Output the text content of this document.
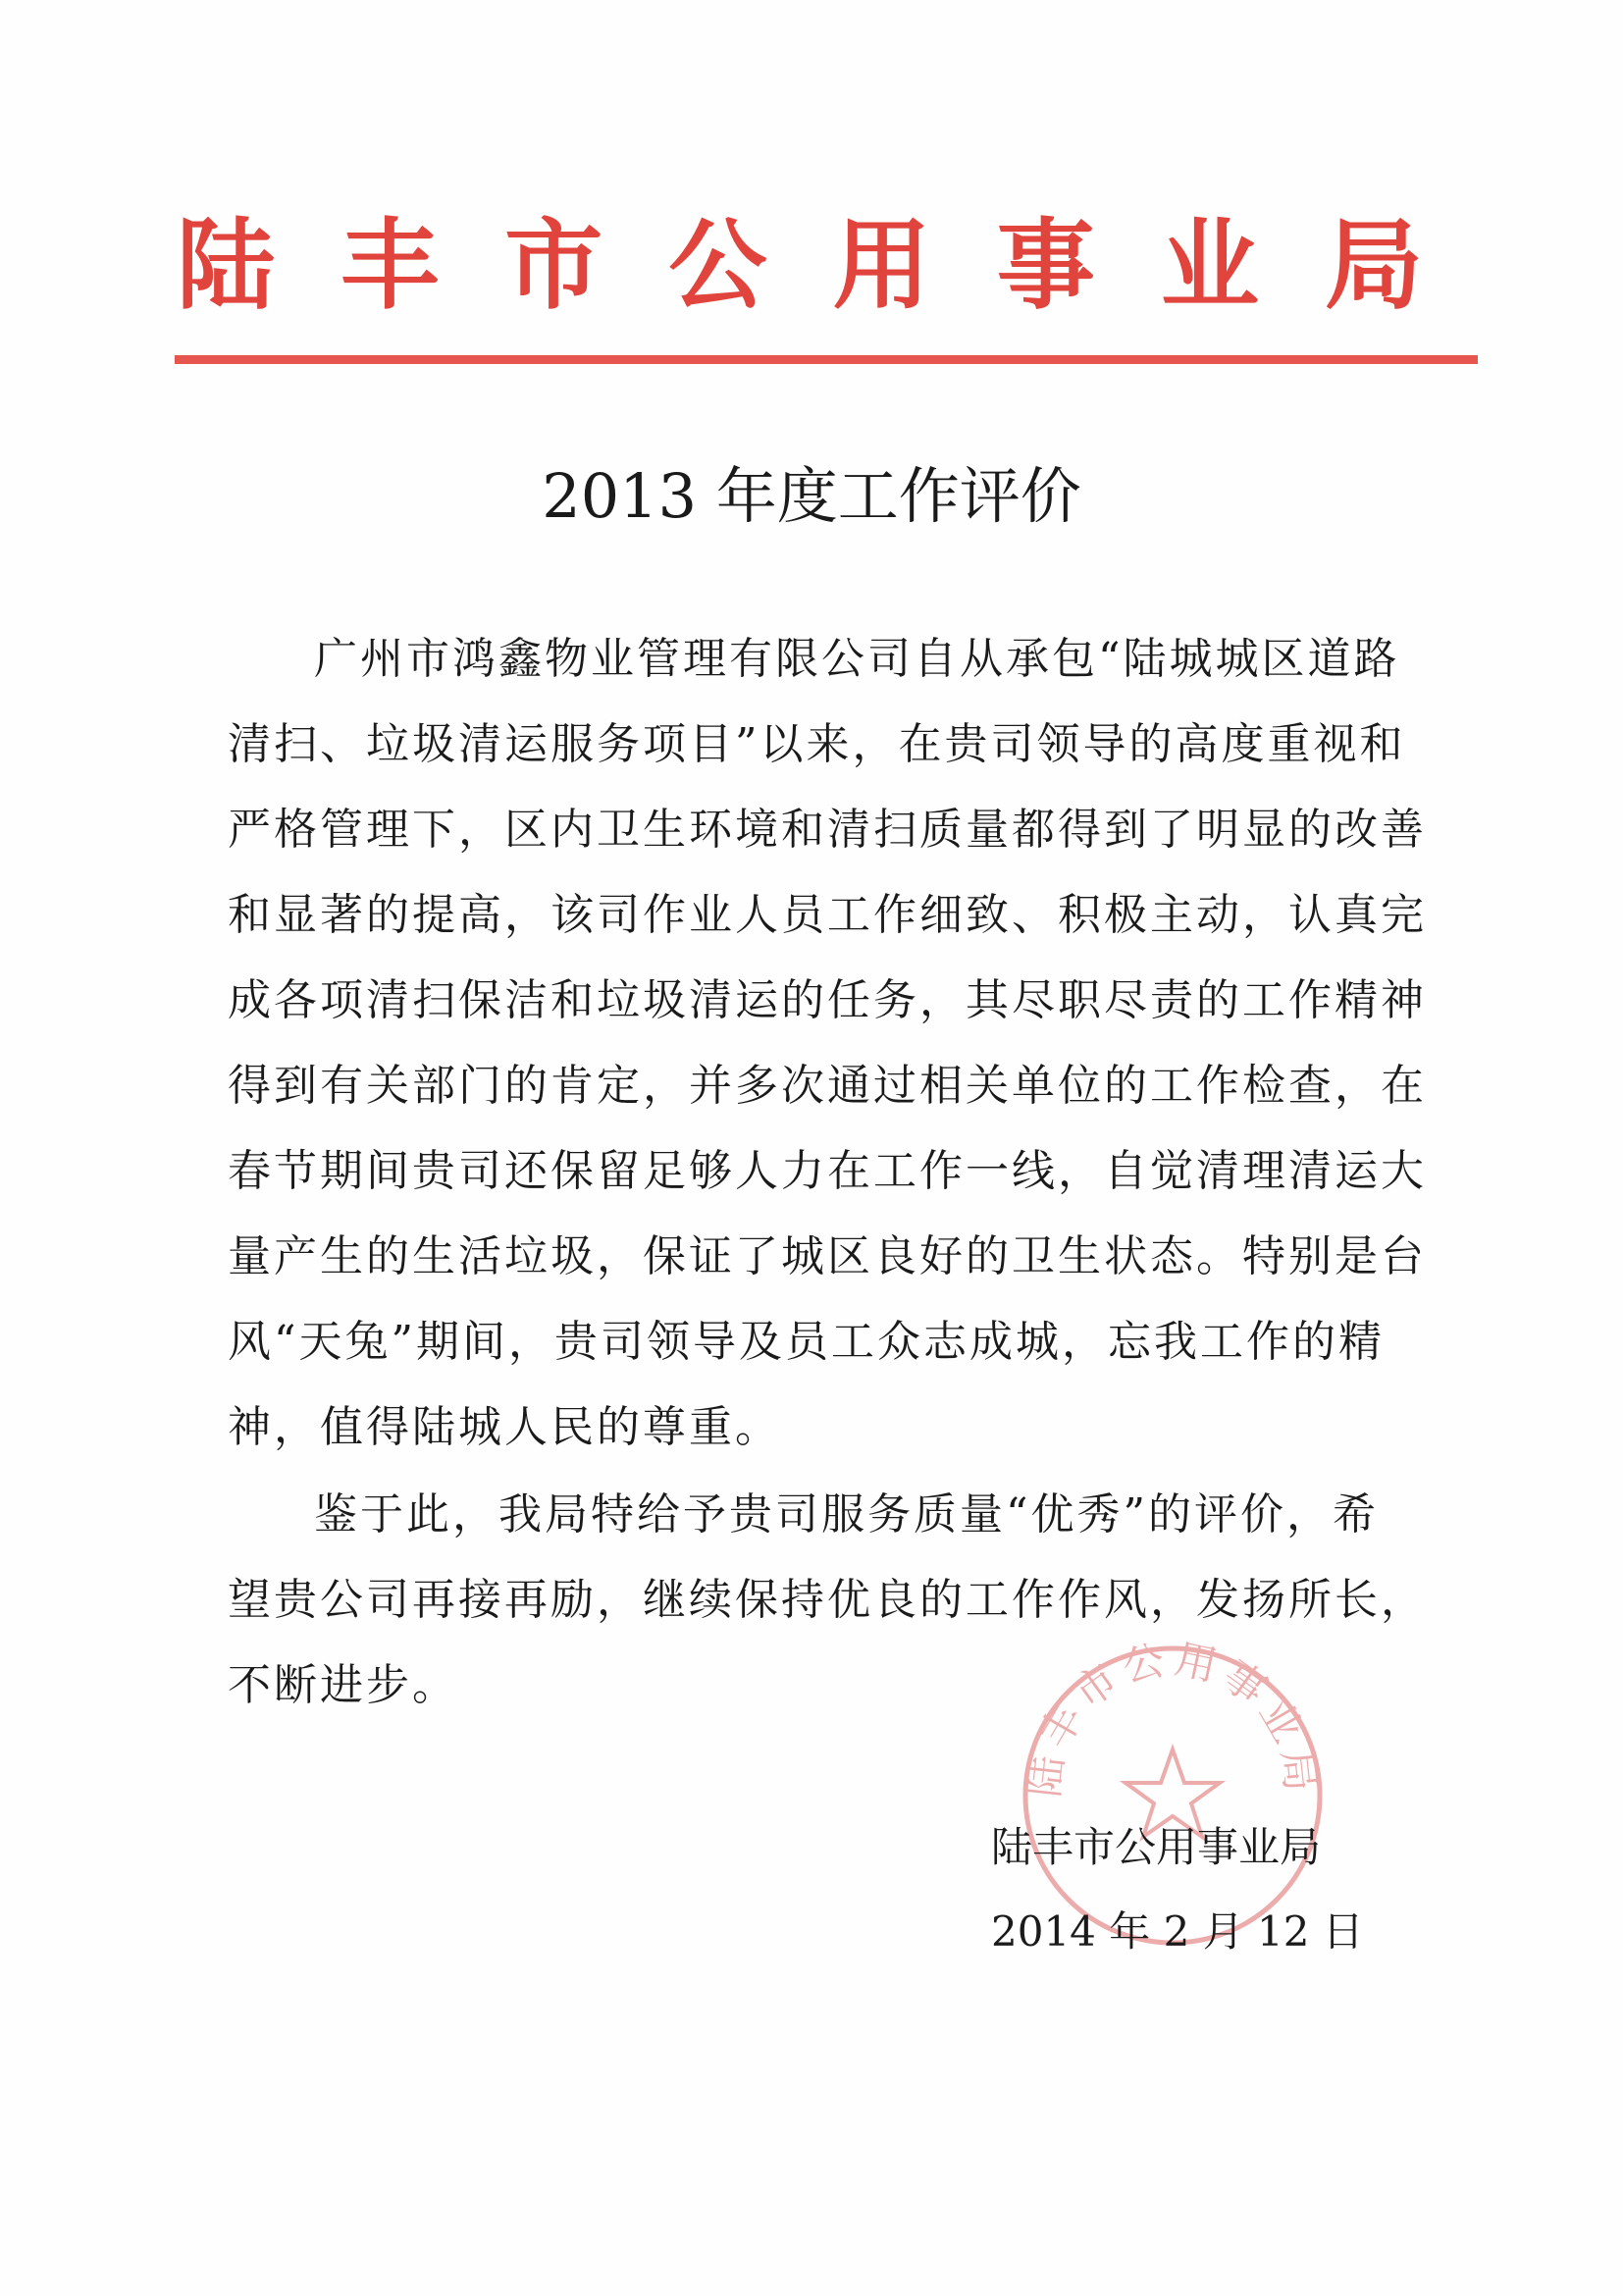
陆 丰 市 公 用 事 业 局
2013 年度工作评价
广州市鸿鑫物业管理有限公司自从承包“陆城城区道路
清扫、垃圾清运服务项目”以来，在贵司领导的高度重视和
严格管理下，区内卫生环境和清扫质量都得到了明显的改善
和显著的提高，该司作业人员工作细致、积极主动，认真完
成各项清扫保洁和垃圾清运的任务，其尽职尽责的工作精神
得到有关部门的肯定，并多次通过相关单位的工作检查，在
春节期间贵司还保留足够人力在工作一线，自觉清理清运大
量产生的生活垃圾，保证了城区良好的卫生状态。特别是台
风“天兔”期间，贵司领导及员工众志成城，忘我工作的精
神，值得陆城人民的尊重。
鉴于此，我局特给予贵司服务质量“优秀”的评价，希
望贵公司再接再励，继续保持优良的工作作风，发扬所长，
不断进步。
陆丰市公用事业局
陆丰市公用事业局
2014 年 2 月 12 日
